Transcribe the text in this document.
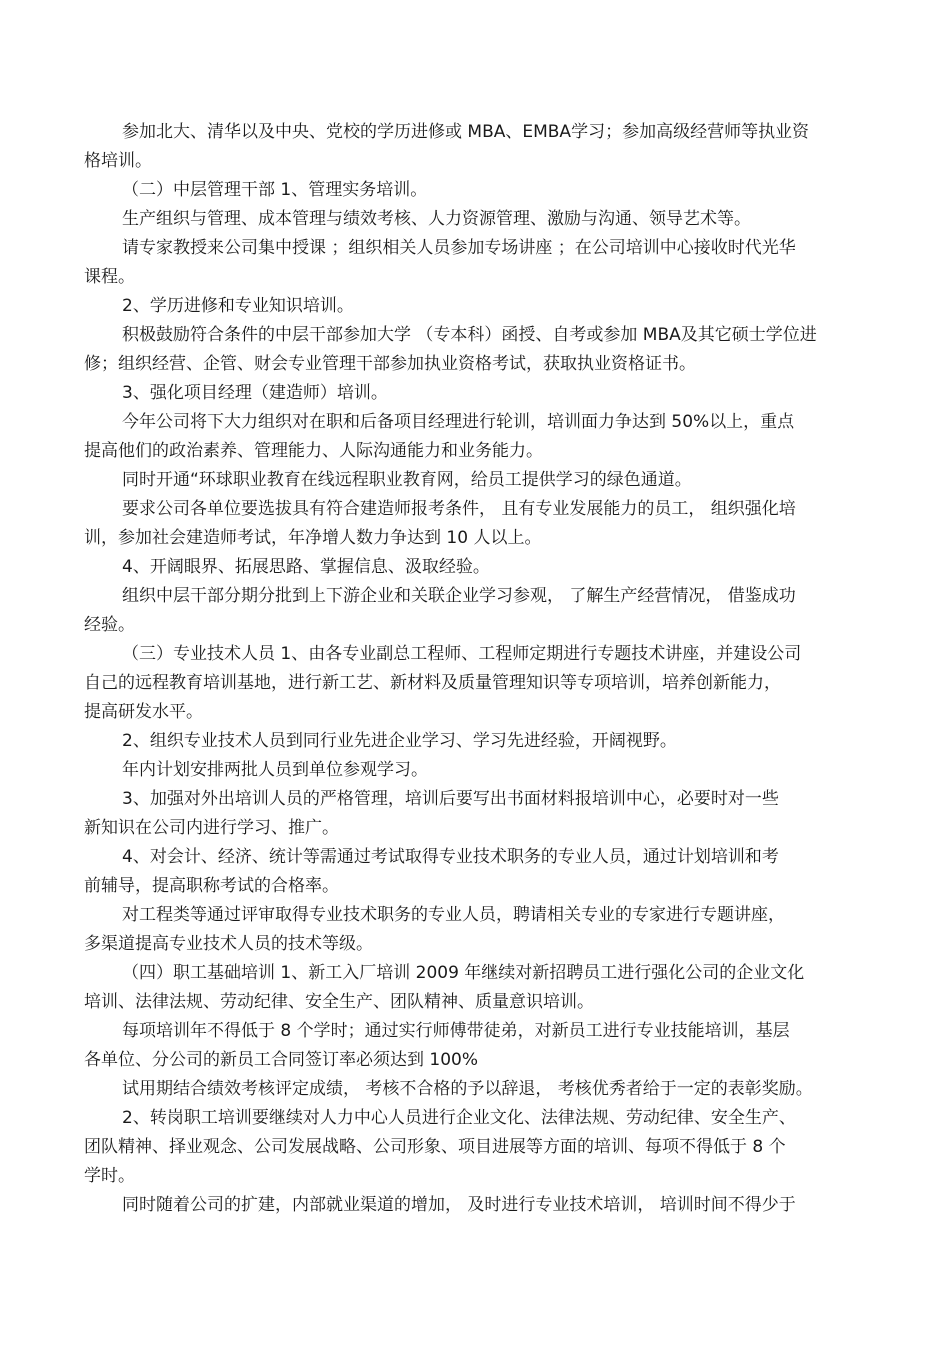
参加北大、清华以及中央、党校的学历进修或 MBA、EMBA学习；参加高级经营师等执业资
格培训。
（二）中层管理干部 1、管理实务培训。
生产组织与管理、成本管理与绩效考核、人力资源管理、激励与沟通、领导艺术等。
请专家教授来公司集中授课 ；组织相关人员参加专场讲座 ；在公司培训中心接收时代光华
课程。
2、学历进修和专业知识培训。
积极鼓励符合条件的中层干部参加大学 （专本科）函授、自考或参加 MBA及其它硕士学位进
修；组织经营、企管、财会专业管理干部参加执业资格考试，获取执业资格证书。
3、强化项目经理（建造师）培训。
今年公司将下大力组织对在职和后备项目经理进行轮训，培训面力争达到 50%以上，重点
提高他们的政治素养、管理能力、人际沟通能力和业务能力。
同时开通“环球职业教育在线远程职业教育网，给员工提供学习的绿色通道。
要求公司各单位要选拔具有符合建造师报考条件， 且有专业发展能力的员工， 组织强化培
训，参加社会建造师考试，年净增人数力争达到 10 人以上。
4、开阔眼界、拓展思路、掌握信息、汲取经验。
组织中层干部分期分批到上下游企业和关联企业学习参观， 了解生产经营情况， 借鉴成功
经验。
（三）专业技术人员 1、由各专业副总工程师、工程师定期进行专题技术讲座，并建设公司
自己的远程教育培训基地，进行新工艺、新材料及质量管理知识等专项培训，培养创新能力，
提高研发水平。
2、组织专业技术人员到同行业先进企业学习、学习先进经验，开阔视野。
年内计划安排两批人员到单位参观学习。
3、加强对外出培训人员的严格管理，培训后要写出书面材料报培训中心，必要时对一些
新知识在公司内进行学习、推广。
4、对会计、经济、统计等需通过考试取得专业技术职务的专业人员，通过计划培训和考
前辅导，提高职称考试的合格率。
对工程类等通过评审取得专业技术职务的专业人员，聘请相关专业的专家进行专题讲座，
多渠道提高专业技术人员的技术等级。
（四）职工基础培训 1、新工入厂培训 2009 年继续对新招聘员工进行强化公司的企业文化
培训、法律法规、劳动纪律、安全生产、团队精神、质量意识培训。
每项培训年不得低于 8 个学时；通过实行师傅带徒弟，对新员工进行专业技能培训，基层
各单位、分公司的新员工合同签订率必须达到 100%
试用期结合绩效考核评定成绩， 考核不合格的予以辞退， 考核优秀者给于一定的表彰奖励。
2、转岗职工培训要继续对人力中心人员进行企业文化、法律法规、劳动纪律、安全生产、
团队精神、择业观念、公司发展战略、公司形象、项目进展等方面的培训、每项不得低于 8 个
学时。
同时随着公司的扩建，内部就业渠道的增加， 及时进行专业技术培训， 培训时间不得少于
